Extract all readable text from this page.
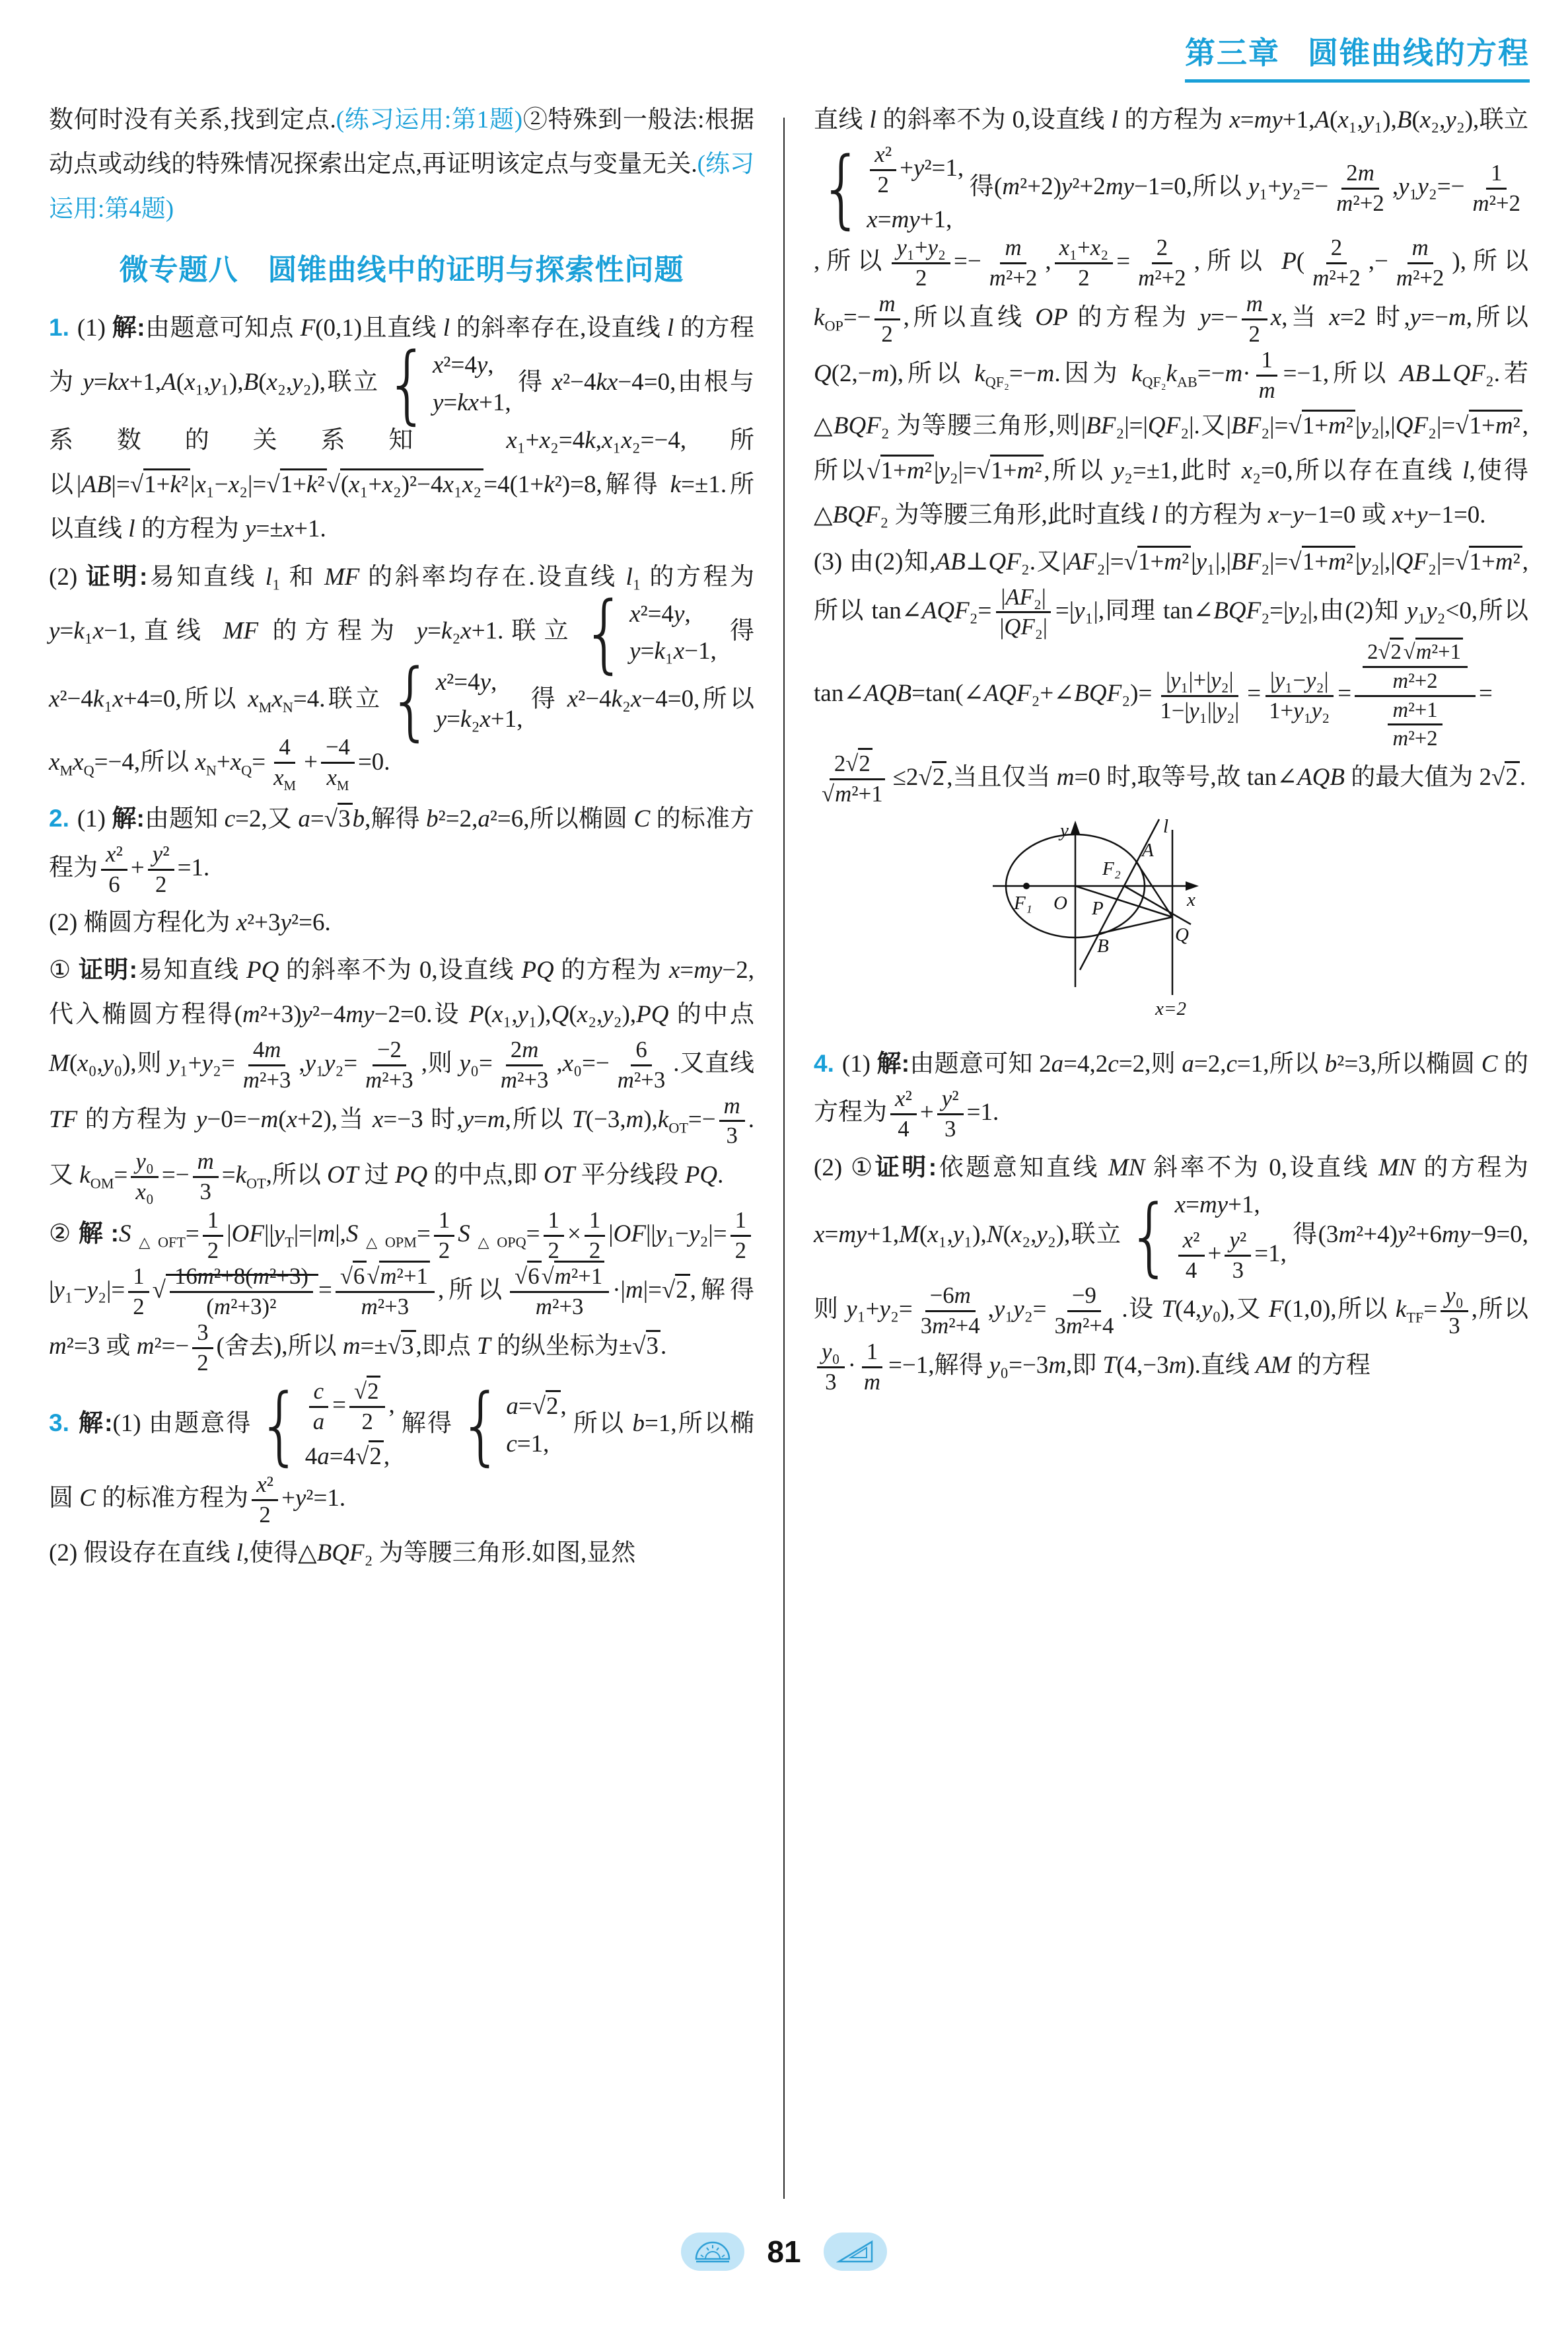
第三章 圆锥曲线的方程

数何时没有关系,找到定点.(练习运用:第1题)②特殊到一般法:根据动点或动线的特殊情况探索出定点,再证明该定点与变量无关.(练习运用:第4题)

微专题八　圆锥曲线中的证明与探索性问题

1. (1) 解:由题意可知点 F(0,1)且直线 l 的斜率存在,设直线 l 的方程为 y=kx+1,A(x₁,y₁),B(x₂,y₂),联立 { x²=4y,
y=kx+1,
得 x²−4kx−4=0,由根与系数的关系知 x₁+x₂=4k,x₁x₂=−4,所以|AB|=√1+k²|x₁−x₂|=√1+k²√(x₁+x₂)²−4x₁x₂=4(1+k²)=8,解得 k=±1.所以直线 l 的方程为 y=±x+1.

(2) 证明:易知直线 l₁ 和 MF 的斜率均存在.设直线 l₁ 的方程为 y=k₁x−1,直线 MF 的方程为 y=k₂x+1.联立 { x²=4y,
y=k₁x−1,
得 x²−4k₁x+4=0,所以 $x_Mx_N=4$.联立 { x²=4y,
y=k₂x+1,
得 x²−4k₂x−4=0,所以 $x_Mx_Q=-4$,所以 $x_N+x_Q= \frac{4}{x_M} + \frac{-4}{x_M} =0$.

2. (1) 解:由题知 c=2,又 a=√3b,解得 b²=2,a²=6,所以椭圆 C 的标准方程为 $\frac{\text{x²}}{6} + \frac{\text{y²}}{2} =1$.

(2) 椭圆方程化为 x²+3y²=6.

① 证明:易知直线 PQ 的斜率不为 0,设直线 PQ 的方程为 x=my−2,代入椭圆方程得(m²+3)y²−4my−2=0.设 P(x₁,y₁),Q(x₂,y₂),PQ 的中点 M(x₀,y₀),则 $y_1+y_2= \frac{4m}{\text{m²+3}} ,y_1y_2= \frac{-2}{\text{m²+3}}$ ,则 $y_0= \frac{2m}{\text{m²+3}} ,x_0=- \frac{6}{\text{m²+3}}$ .又直线 TF 的方程为 y−0=−m(x+2),当 x=−3 时,y=m,所以 $T(-3,m),k_{OT}=- \frac{m}{3}$ .又 $k_{OM}= \frac{\text{y₀}}{\text{x₀}} =- \frac{m}{3} =k_{OT}$,所以 OT 过 PQ 的中点,即 OT 平分线段 PQ.

②解$:S_{\triangle OFT}= \frac{1}{2} |OF||y_T|=|m|,S_{\triangle OPM}= \frac{1}{2} S_{\triangle OPQ}= \frac{1}{2} \times \frac{1}{2} |OF||y_1-y_2|= \frac{1}{2}$
$|y_1-y_2|= \frac{1}{2}$ √ $\frac{\text{16m²+8(m²+3)}}{\text{(m²+3)²}} = \frac{\text{√6√m²+1}}{\text{m²+3}}$ ,所以 $\frac{\text{√6√m²+1}}{\text{m²+3}} \cdot|m|=√2$,解得 m²=3 或 $m^2=- \frac{3}{2}$ (舍去),所以 m=±√3,即点 T 的纵坐标为±√3.

3. 解:(1) 由题意得 { $\frac{c}{a} = \frac{√2}{2}$ ,
4a=4√2,
解得 { a=√2,
c=1,
所以 b=1,所以椭圆 C 的标准方程为 $\frac{\text{x²}}{2} +y^2=1$.

(2) 假设存在直线 l,使得△BQF₂ 为等腰三角形.如图,显然

直线 l 的斜率不为 0,设直线 l 的方程为 x=my+1,A(x₁,y₁),B(x₂,y₂),联立
{ $\frac{\text{x²}}{2} +y^2=1$,
x=my+1,
得(m²+2)y²+2my−1=0,所以 $y_1+y_2=- \frac{2m}{\text{m²+2}} ,y_1y_2=- \frac{1}{\text{m²+2}}$
,所以 $\frac{\text{y₁+y₂}}{2} =- \frac{m}{\text{m²+2}}$ , $\frac{\text{x₁+x₂}}{2} = \frac{2}{\text{m²+2}}$ ,所以 $P( \frac{2}{\text{m²+2}}$ ,− $\frac{m}{\text{m²+2}}$ ),所以 $k_{OP}=- \frac{m}{2}$ ,所以直线 OP 的方程为 $y=- \frac{m}{2} x$,当 x=2 时,y=−m,所以 Q(2,−m),所以 $k_{QF_2}=-m$.因为 $k_{QF_2}k_{AB}=-m\cdot \frac{1}{m} =-1$,所以 AB⊥QF₂.若△BQF₂ 为等腰三角形,则|BF₂|=|QF₂|.又|BF₂|=√1+m²|y₂|,|QF₂|=√1+m²,所以√1+m²|y₂|=√1+m²,所以 y₂=±1,此时 x₂=0,所以存在直线 l,使得△BQF₂ 为等腰三角形,此时直线 l 的方程为 x−y−1=0 或 x+y−1=0.

(3) 由(2)知,AB⊥QF₂.又|AF₂|=√1+m²|y₁|,|BF₂|=√1+m²|y₂|,|QF₂|=√1+m²,所以 tan∠AQF₂= $\frac{\text{|AF₂|}}{\text{|QF₂|}} =|y_1|$,同理 tan∠BQF₂=|y₂|,由(2)知 y₁y₂<0,所以 tan∠AQB=tan(∠AQF₂+∠BQF₂)= $\frac{\text{|y₁|+|y₂|}}{\text{1−|y₁||y₂|}} = \frac{\text{|y₁−y₂|}}{\text{1+y₁y₂}} = \frac{\frac{\text{2√2√m²+1}}{\text{m²+2}}}{\frac{\text{m²+1}}{\text{m²+2}}}$ =
$\frac{2√2}{\text{√m²+1}} \le 2√2$,当且仅当 m=0 时,取等号,故 tan∠AQB 的最大值为 2√2.

y	l
A
F₂
F₁ O P
B
Q
x
x=2

4. (1) 解:由题意可知 2a=4,2c=2,则 a=2,c=1,所以 b²=3,所以椭圆 C 的方程为 $\frac{\text{x²}}{4} + \frac{\text{y²}}{3} =1$.

(2) ①证明:依题意知直线 MN 斜率不为 0,设直线 MN 的方程为 x=my+1,M(x₁,y₁),N(x₂,y₂),联立 { x=my+1,
$\frac{\text{x²}}{4} + \frac{\text{y²}}{3} =1$,
得(3m²+4)y²+6my−9=0,则 $y_1+y_2= \frac{-6m}{\text{3m²+4}} ,y_1y_2= \frac{-9}{\text{3m²+4}}$ .设 T(4,y₀),又 F(1,0),所以 $k_{TF}= \frac{\text{y₀}}{3}$ ,所以
$\frac{\text{y₀}}{3} \cdot \frac{1}{m} =-1$,解得 y₀=−3m,即 T(4,−3m).直线 AM 的方程

81
